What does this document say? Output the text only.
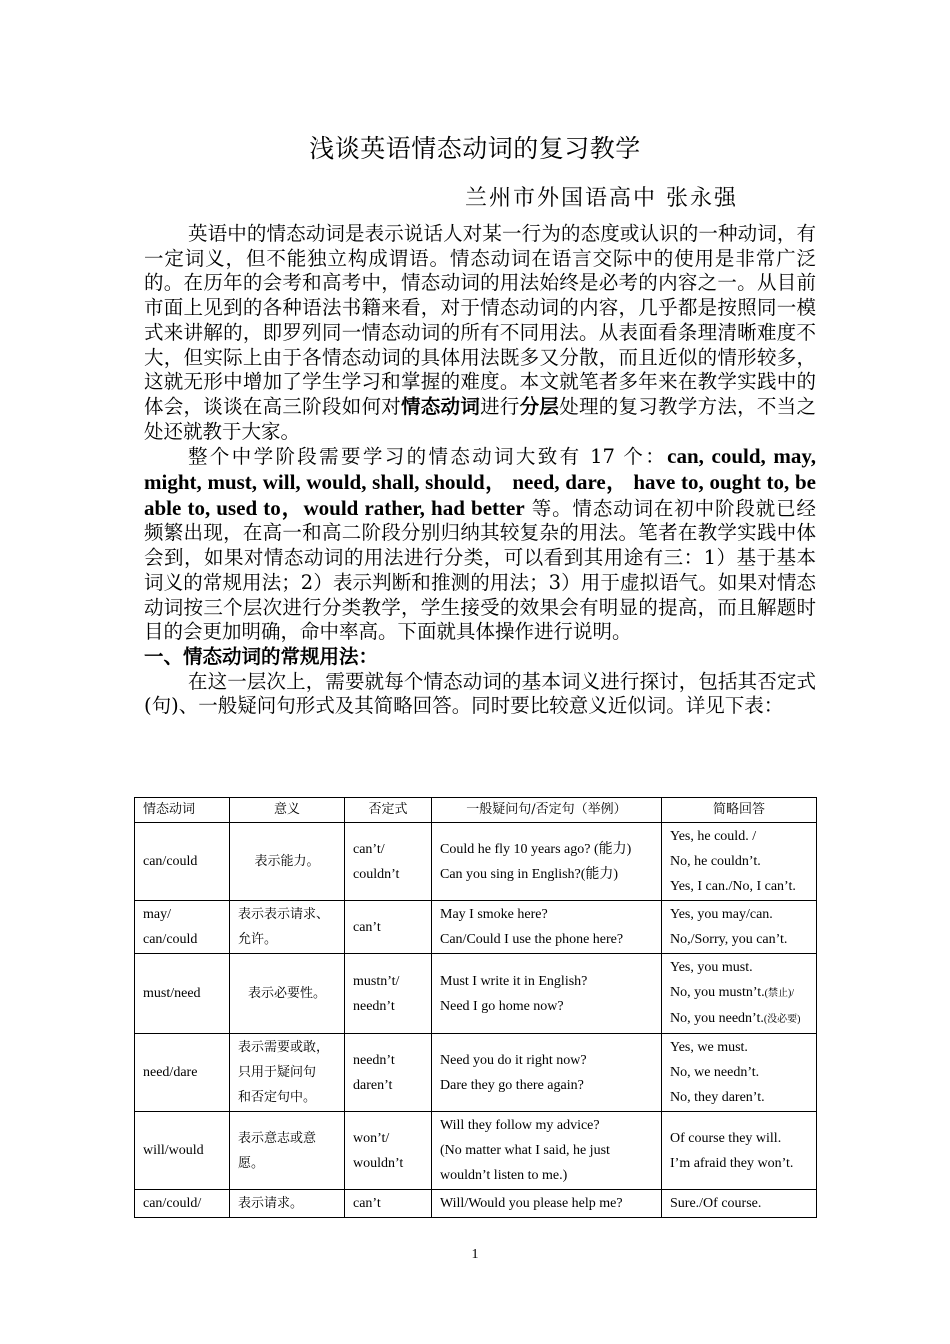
浅谈英语情态动词的复习教学
兰州市外国语高中 张永强

英语中的情态动词是表示说话人对某一行为的态度或认识的一种动词，有一定词义，但不能独立构成谓语。情态动词在语言交际中的使用是非常广泛的。在历年的会考和高考中，情态动词的用法始终是必考的内容之一。从目前市面上见到的各种语法书籍来看，对于情态动词的内容，几乎都是按照同一模式来讲解的，即罗列同一情态动词的所有不同用法。从表面看条理清晰难度不大，但实际上由于各情态动词的具体用法既多又分散，而且近似的情形较多，这就无形中增加了学生学习和掌握的难度。本文就笔者多年来在教学实践中的体会，谈谈在高三阶段如何对情态动词进行分层处理的复习教学方法，不当之处还就教于大家。

整个中学阶段需要学习的情态动词大致有 17 个：can, could, may, might, must, will, would, shall, should， need, dare， have to, ought to, be able to, used to，would rather, had better 等。情态动词在初中阶段就已经频繁出现，在高一和高二阶段分别归纳其较复杂的用法。笔者在教学实践中体会到，如果对情态动词的用法进行分类，可以看到其用途有三：1）基于基本词义的常规用法；2）表示判断和推测的用法；3）用于虚拟语气。如果对情态动词按三个层次进行分类教学，学生接受的效果会有明显的提高，而且解题时目的会更加明确，命中率高。下面就具体操作进行说明。

一、情态动词的常规用法：

在这一层次上，需要就每个情态动词的基本词义进行探讨，包括其否定式(句)、一般疑问句形式及其简略回答。同时要比较意义近似词。详见下表：

情态动词	意义	否定式	一般疑问句/否定句（举例）	简略回答
can/could	表示能力。	can’t/
couldn’t	Could he fly 10 years ago? (能力)
Can you sing in English?(能力)	Yes, he could. /
No, he couldn’t.
Yes, I can./No, I can’t.

may/
can/could	表示表示请求、
允许。	can’t	May I smoke here?
Can/Could I use the phone here?	Yes, you may/can.
No,/Sorry, you can’t.

must/need	表示必要性。	mustn’t/
needn’t	Must I write it in English?
Need I go home now?	Yes, you must.
No, you mustn’t.(禁止)/
No, you needn’t.(没必要)

need/dare	表示需要或敢，
只用于疑问句
和否定句中。	needn’t
daren’t	Need you do it right now?
Dare they go there again?	Yes, we must.
No, we needn’t.
No, they daren’t.

will/would	表示意志或意
愿。	won’t/
wouldn’t	Will they follow my advice?
(No matter what I said, he just
wouldn’t listen to me.)	Of course they will.
I’m afraid they won’t.

can/could/	表示请求。	can’t	Will/Would you please help me?	Sure./Of course.
1
